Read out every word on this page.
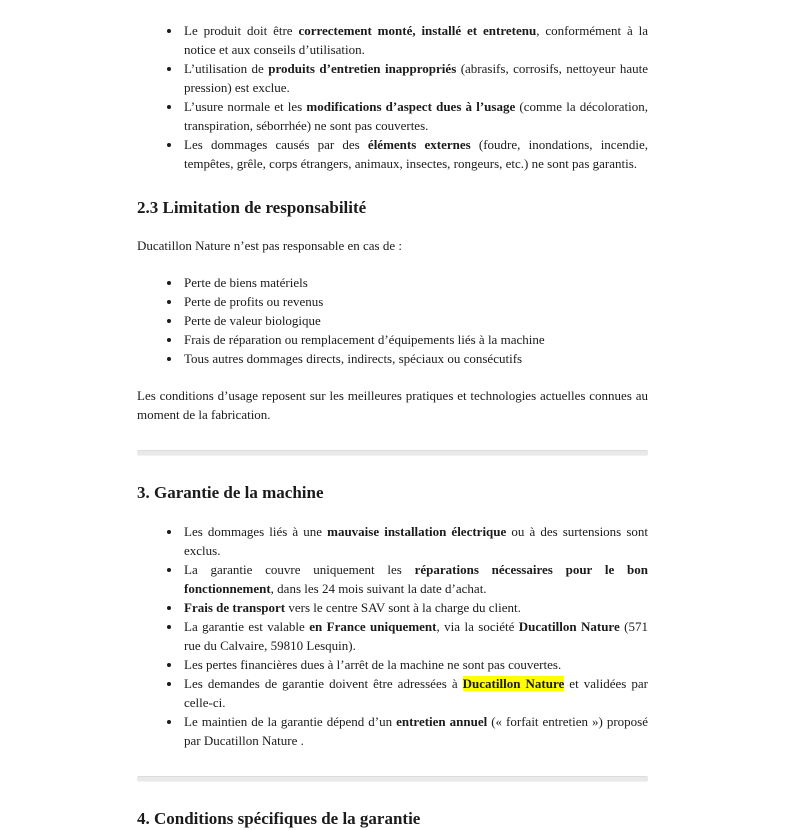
• Le produit doit être correctement monté, installé et entretenu, conformément à la notice et aux conseils d’utilisation.
• L’utilisation de produits d’entretien inappropriés (abrasifs, corrosifs, nettoyeur haute pression) est exclue.
• L’usure normale et les modifications d’aspect dues à l’usage (comme la décoloration, transpiration, séborrhée) ne sont pas couvertes.
• Les dommages causés par des éléments externes (foudre, inondations, incendie, tempêtes, grêle, corps étrangers, animaux, insectes, rongeurs, etc.) ne sont pas garantis.
2.3 Limitation de responsabilité

Ducatillon Nature n’est pas responsable en cas de :

• Perte de biens matériels
• Perte de profits ou revenus
• Perte de valeur biologique
• Frais de réparation ou remplacement d’équipements liés à la machine
• Tous autres dommages directs, indirects, spéciaux ou consécutifs

Les conditions d’usage reposent sur les meilleures pratiques et technologies actuelles connues au moment de la fabrication.

3. Garantie de la machine
• Les dommages liés à une mauvaise installation électrique ou à des surtensions sont exclus.
• La garantie couvre uniquement les réparations nécessaires pour le bon fonctionnement, dans les 24 mois suivant la date d’achat.
• Frais de transport vers le centre SAV sont à la charge du client.
• La garantie est valable en France uniquement, via la société Ducatillon Nature (571 rue du Calvaire, 59810 Lesquin).
• Les pertes financières dues à l’arrêt de la machine ne sont pas couvertes.
• Les demandes de garantie doivent être adressées à Ducatillon Nature et validées par celle-ci.
• Le maintien de la garantie dépend d’un entretien annuel (« forfait entretien ») proposé par Ducatillon Nature .
4. Conditions spécifiques de la garantie
